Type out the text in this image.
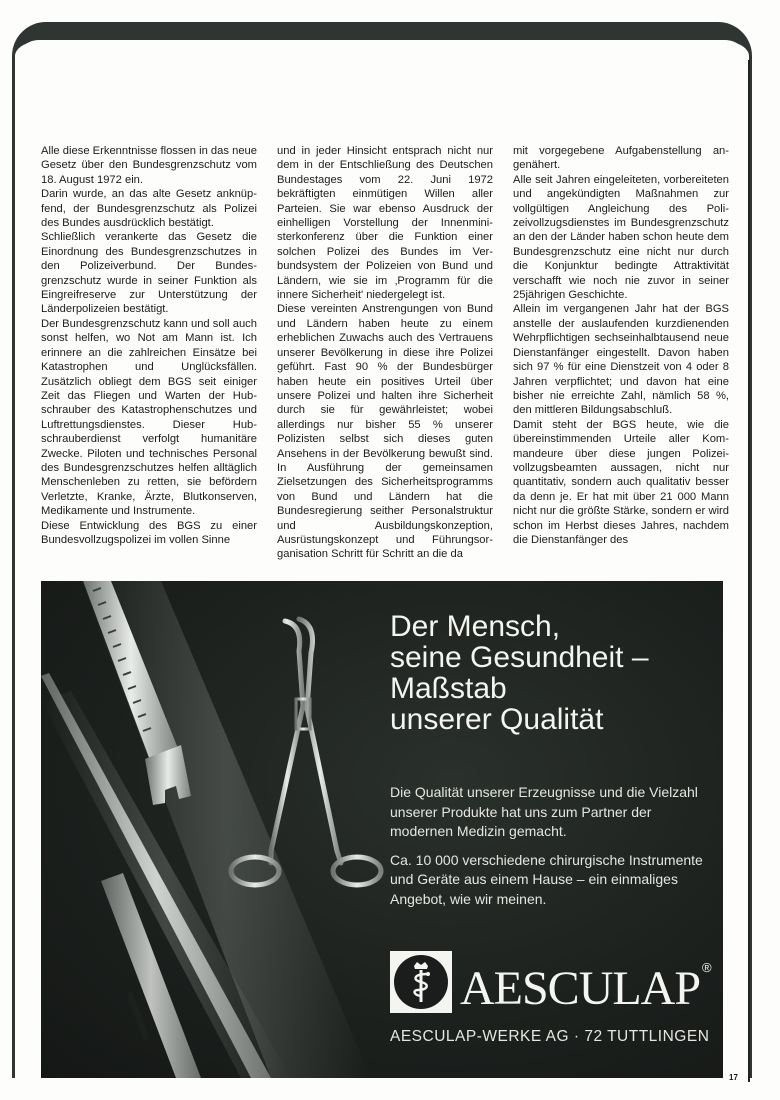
Alle diese Erkenntnisse flossen in das neue Gesetz über den Bundesgrenzschutz vom 18. August 1972 ein.

Darin wurde, an das alte Gesetz anknüpfend, der Bundesgrenzschutz als Polizei des Bundes ausdrücklich bestätigt.

Schließlich verankerte das Gesetz die Einordnung des Bundesgrenzschutzes in den Polizeiverbund. Der Bundesgrenzschutz wurde in seiner Funktion als Eingreifreserve zur Unterstützung der Länderpolizeien bestätigt.

Der Bundesgrenzschutz kann und soll auch sonst helfen, wo Not am Mann ist. Ich erinnere an die zahlreichen Einsätze bei Katastrophen und Unglücksfällen. Zusätzlich obliegt dem BGS seit einiger Zeit das Fliegen und Warten der Hubschrauber des Katastrophenschutzes und Luftrettungsdienstes. Dieser Hubschrauberdienst verfolgt humanitäre Zwecke. Piloten und technisches Personal des Bundesgrenzschutzes helfen alltäglich Menschenleben zu retten, sie befördern Verletzte, Kranke, Ärzte, Blutkonserven, Medikamente und Instrumente.

Diese Entwicklung des BGS zu einer Bundesvollzugspolizei im vollen Sinne

und in jeder Hinsicht entsprach nicht nur dem in der Entschließung des Deutschen Bundestages vom 22. Juni 1972 bekräftigten einmütigen Willen aller Parteien. Sie war ebenso Ausdruck der einhelligen Vorstellung der Innenministerkonferenz über die Funktion einer solchen Polizei des Bundes im Verbundsystem der Polizeien von Bund und Ländern, wie sie im ‚Programm für die innere Sicherheit' niedergelegt ist.

Diese vereinten Anstrengungen von Bund und Ländern haben heute zu einem erheblichen Zuwachs auch des Vertrauens unserer Bevölkerung in diese ihre Polizei geführt. Fast 90 % der Bundesbürger haben heute ein positives Urteil über unsere Polizei und halten ihre Sicherheit durch sie für gewährleistet; wobei allerdings nur bisher 55 % unserer Polizisten selbst sich dieses guten Ansehens in der Bevölkerung bewußt sind. In Ausführung der gemeinsamen Zielsetzungen des Sicherheitsprogramms von Bund und Ländern hat die Bundesregierung seither Personalstruktur und Ausbildungskonzeption, Ausrüstungskonzept und Führungsorganisation Schritt für Schritt an die da

mit vorgegebene Aufgabenstellung angenähert.

Alle seit Jahren eingeleiteten, vorbereiteten und angekündigten Maßnahmen zur vollgültigen Angleichung des Polizeivollzugsdienstes im Bundesgrenzschutz an den der Länder haben schon heute dem Bundesgrenzschutz eine nicht nur durch die Konjunktur bedingte Attraktivität verschafft wie noch nie zuvor in seiner 25jährigen Geschichte.

Allein im vergangenen Jahr hat der BGS anstelle der auslaufenden kurzdienenden Wehrpflichtigen sechseinhalbtausend neue Dienstanfänger eingestellt. Davon haben sich 97 % für eine Dienstzeit von 4 oder 8 Jahren verpflichtet; und davon hat eine bisher nie erreichte Zahl, nämlich 58 %, den mittleren Bildungsabschluß.

Damit steht der BGS heute, wie die übereinstimmenden Urteile aller Kommandeure über diese jungen Polizeivollzugsbeamten aussagen, nicht nur quantitativ, sondern auch qualitativ besser da denn je. Er hat mit über 21 000 Mann nicht nur die größte Stärke, sondern er wird schon im Herbst dieses Jahres, nachdem die Dienstanfänger des

Der Mensch,
seine Gesundheit –
Maßstab
unserer Qualität

Die Qualität unserer Erzeugnisse und die Vielzahl unserer Produkte hat uns zum Partner der modernen Medizin gemacht.

Ca. 10 000 verschiedene chirurgische Instrumente und Geräte aus einem Hause – ein einmaliges Angebot, wie wir meinen.

AESCULAP ®
AESCULAP-WERKE AG · 72 TUTTLINGEN
17
